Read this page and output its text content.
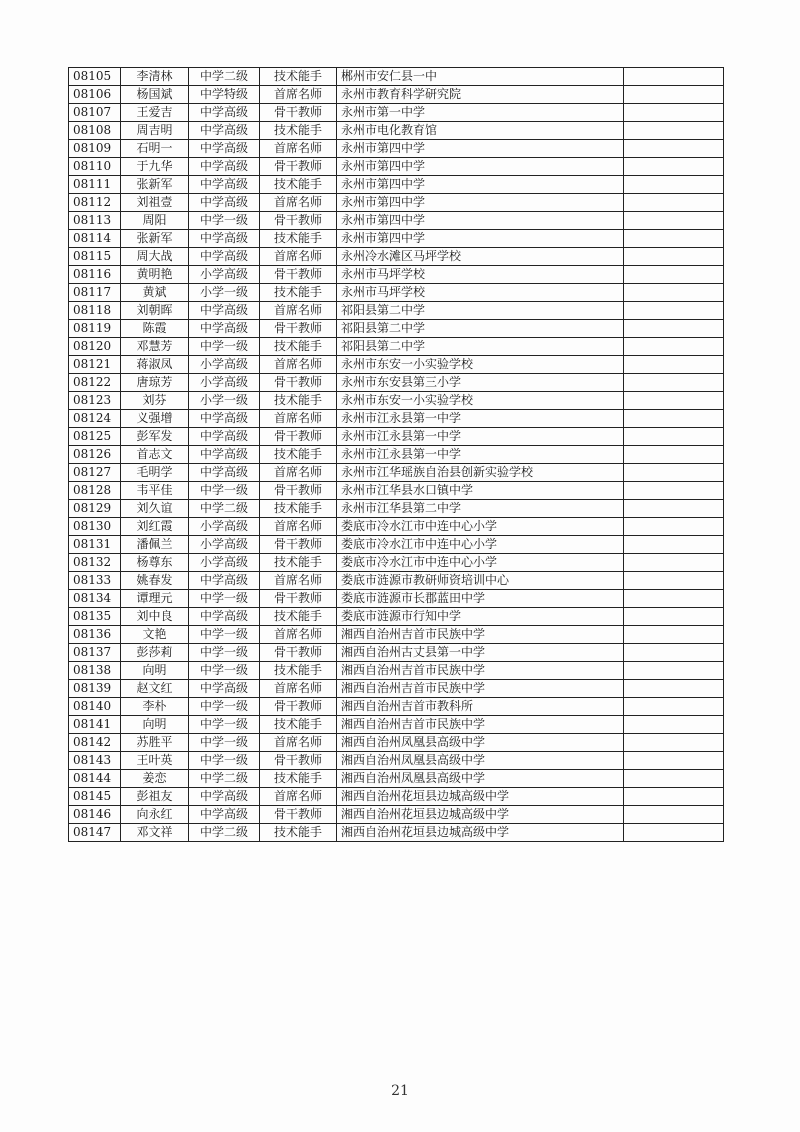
08105	李清林	中学二级	技术能手	郴州市安仁县一中	
08106	杨国斌	中学特级	首席名师	永州市教育科学研究院	
08107	王爱吉	中学高级	骨干教师	永州市第一中学	
08108	周吉明	中学高级	技术能手	永州市电化教育馆	
08109	石明一	中学高级	首席名师	永州市第四中学	
08110	于九华	中学高级	骨干教师	永州市第四中学	
08111	张新军	中学高级	技术能手	永州市第四中学	
08112	刘祖壹	中学高级	首席名师	永州市第四中学	
08113	周阳	中学一级	骨干教师	永州市第四中学	
08114	张新军	中学高级	技术能手	永州市第四中学	
08115	周大战	中学高级	首席名师	永州冷水滩区马坪学校	
08116	黄明艳	小学高级	骨干教师	永州市马坪学校	
08117	黄斌	小学一级	技术能手	永州市马坪学校	
08118	刘朝晖	中学高级	首席名师	祁阳县第二中学	
08119	陈霞	中学高级	骨干教师	祁阳县第二中学	
08120	邓慧芳	中学一级	技术能手	祁阳县第二中学	
08121	蒋淑凤	小学高级	首席名师	永州市东安一小实验学校	
08122	唐琼芳	小学高级	骨干教师	永州市东安县第三小学	
08123	刘芬	小学一级	技术能手	永州市东安一小实验学校	
08124	义强增	中学高级	首席名师	永州市江永县第一中学	
08125	彭军发	中学高级	骨干教师	永州市江永县第一中学	
08126	首志文	中学高级	技术能手	永州市江永县第一中学	
08127	毛明学	中学高级	首席名师	永州市江华瑶族自治县创新实验学校	
08128	韦平佳	中学一级	骨干教师	永州市江华县水口镇中学	
08129	刘久谊	中学二级	技术能手	永州市江华县第二中学	
08130	刘红霞	小学高级	首席名师	娄底市冷水江市中连中心小学	
08131	潘佩兰	小学高级	骨干教师	娄底市冷水江市中连中心小学	
08132	杨尊东	小学高级	技术能手	娄底市冷水江市中连中心小学	
08133	姚春发	中学高级	首席名师	娄底市涟源市教研师资培训中心	
08134	谭理元	中学一级	骨干教师	娄底市涟源市长郡蓝田中学	
08135	刘中良	中学高级	技术能手	娄底市涟源市行知中学	
08136	文艳	中学一级	首席名师	湘西自治州吉首市民族中学	
08137	彭莎莉	中学一级	骨干教师	湘西自治州古丈县第一中学	
08138	向明	中学一级	技术能手	湘西自治州吉首市民族中学	
08139	赵文红	中学高级	首席名师	湘西自治州吉首市民族中学	
08140	李朴	中学一级	骨干教师	湘西自治州吉首市教科所	
08141	向明	中学一级	技术能手	湘西自治州吉首市民族中学	
08142	苏胜平	中学一级	首席名师	湘西自治州凤凰县高级中学	
08143	王叶英	中学一级	骨干教师	湘西自治州凤凰县高级中学	
08144	姜恋	中学二级	技术能手	湘西自治州凤凰县高级中学	
08145	彭祖友	中学高级	首席名师	湘西自治州花垣县边城高级中学	
08146	向永红	中学高级	骨干教师	湘西自治州花垣县边城高级中学	
08147	邓文祥	中学二级	技术能手	湘西自治州花垣县边城高级中学	
21
